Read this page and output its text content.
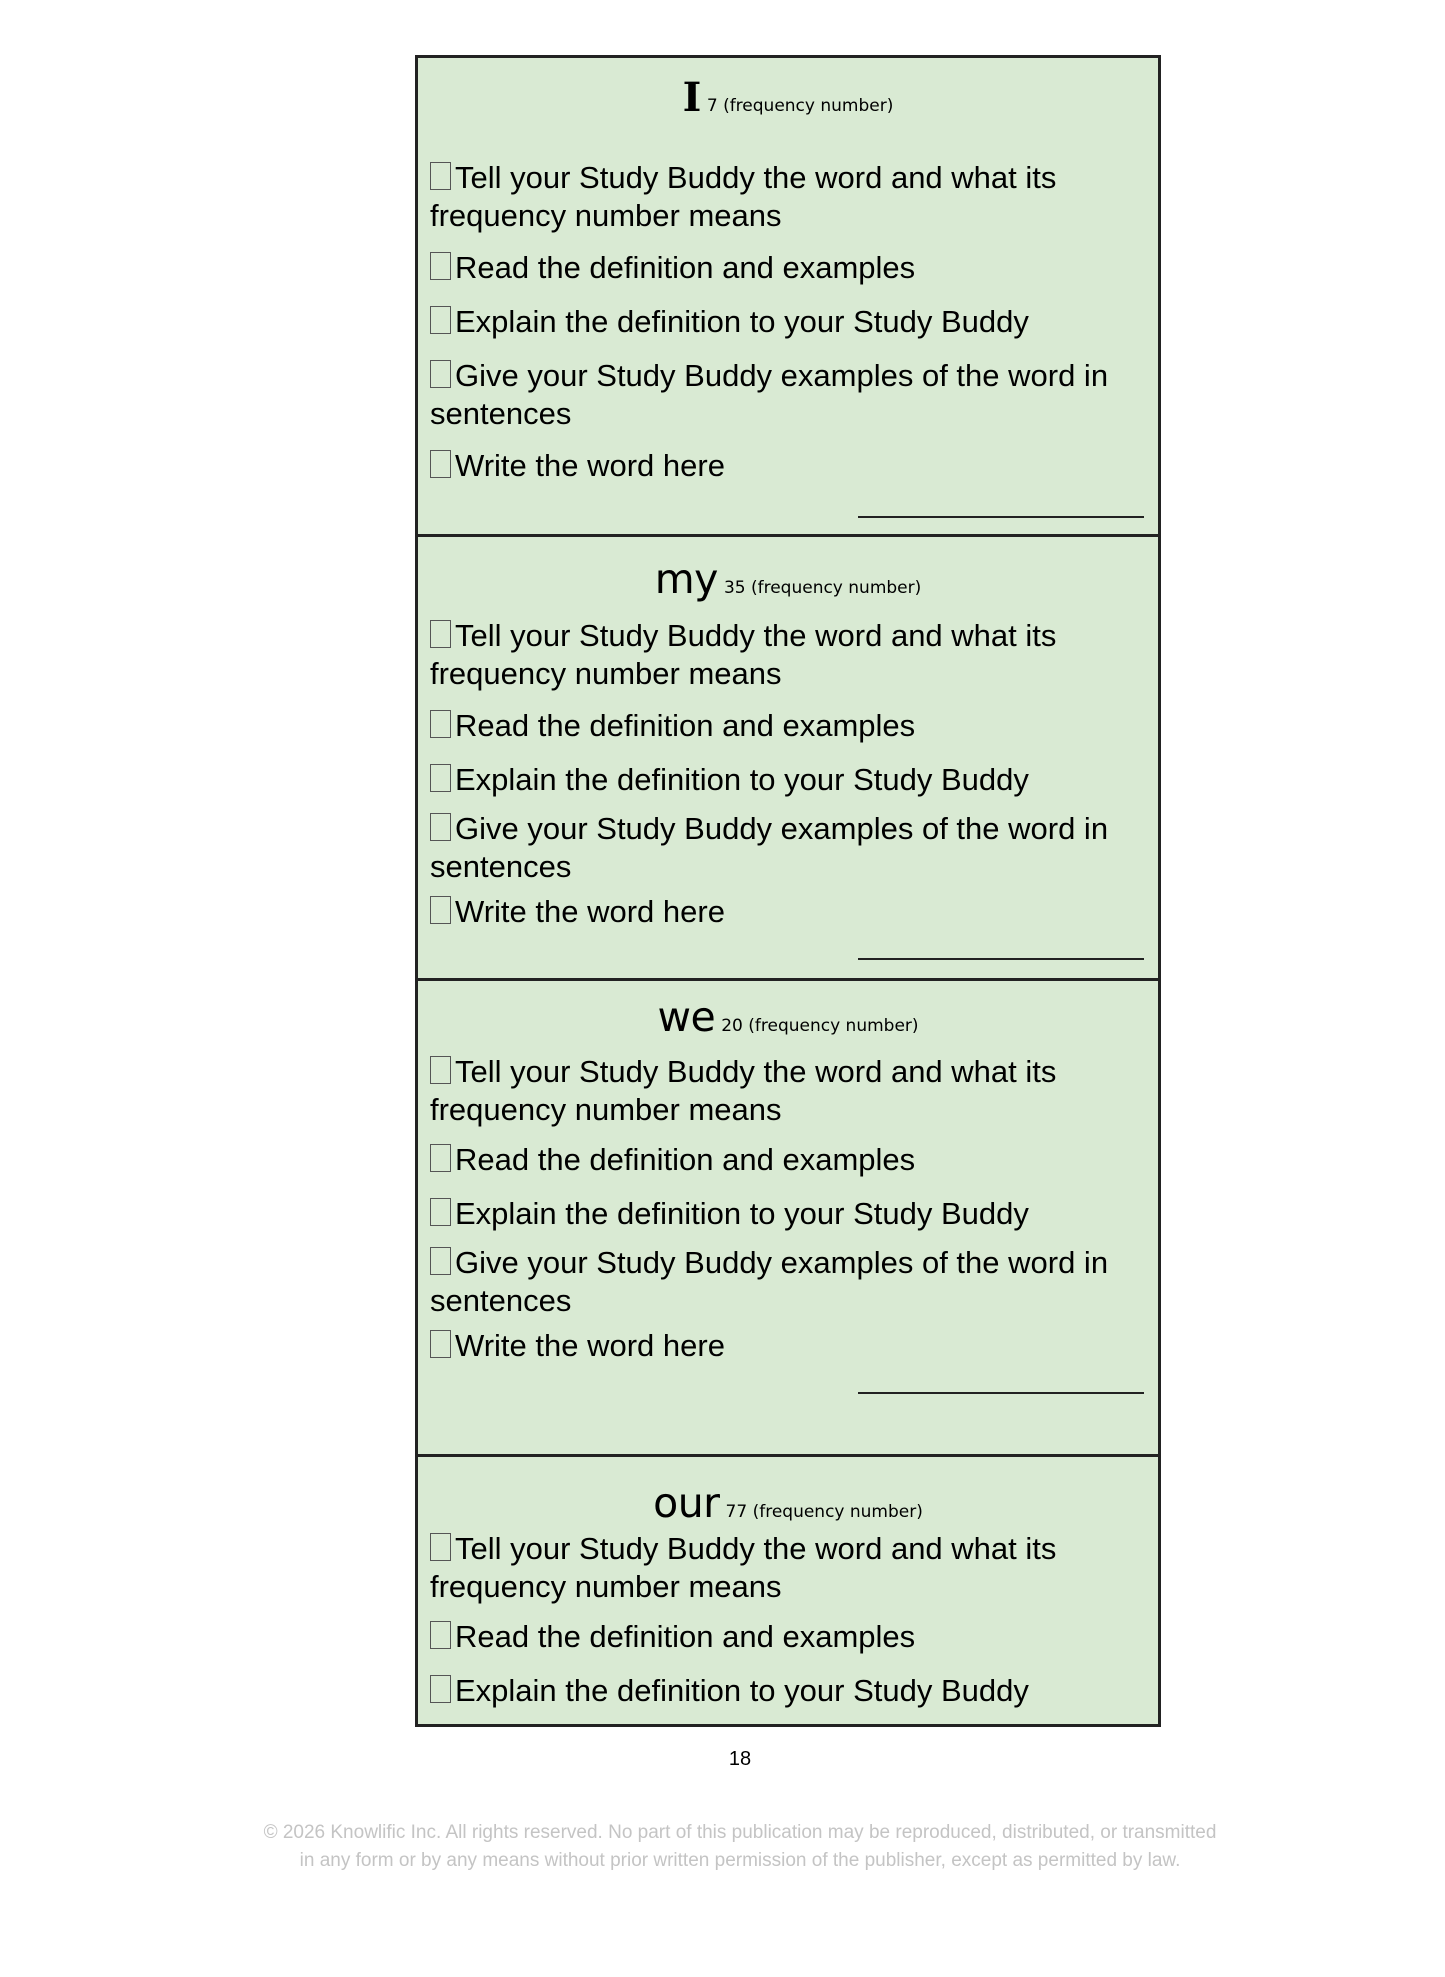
I 7 (frequency number)
Tell your Study Buddy the word and what its frequency number means
Read the definition and examples
Explain the definition to your Study Buddy
Give your Study Buddy examples of the word in sentences
Write the word here
my 35 (frequency number)
Tell your Study Buddy the word and what its frequency number means
Read the definition and examples
Explain the definition to your Study Buddy
Give your Study Buddy examples of the word in sentences
Write the word here
we 20 (frequency number)
Tell your Study Buddy the word and what its frequency number means
Read the definition and examples
Explain the definition to your Study Buddy
Give your Study Buddy examples of the word in sentences
Write the word here
our 77 (frequency number)
Tell your Study Buddy the word and what its frequency number means
Read the definition and examples
Explain the definition to your Study Buddy
18
© 2026 Knowlific Inc. All rights reserved. No part of this publication may be reproduced, distributed, or transmitted
in any form or by any means without prior written permission of the publisher, except as permitted by law.
